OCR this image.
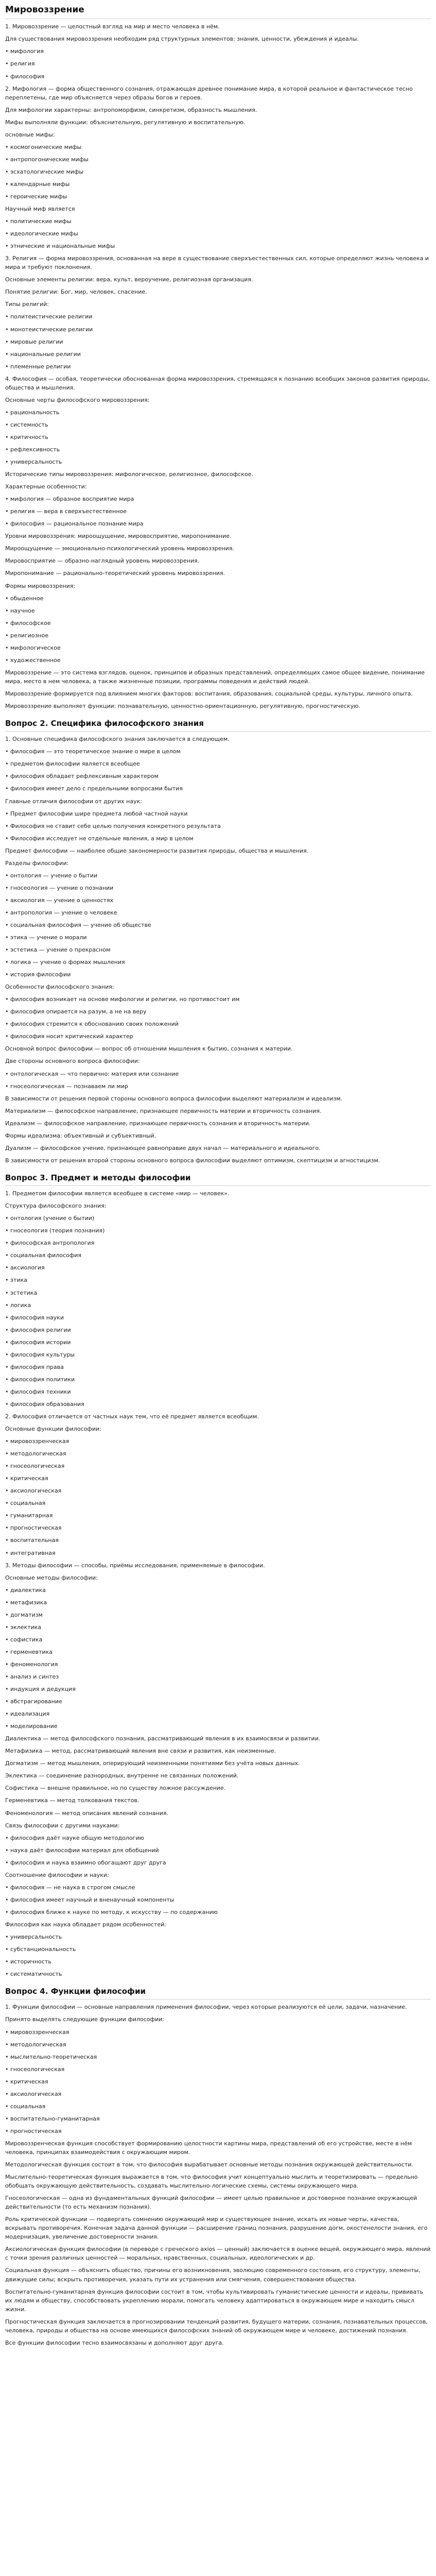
Мировоззрение
1. Мировоззрение — целостный взгляд на мир и место человека в нём.
Для существования мировоззрения необходим ряд структурных элементов: знания, ценности, убеждения и идеалы.
• мифология
• религия
• философия
2. Мифология — форма общественного сознания, отражающая древнее понимание мира, в которой реальное и фантастическое тесно переплетены, где мир объясняется через образы богов и героев.
Для мифологии характерны: антропоморфизм, синкретизм, образность мышления.
Мифы выполняли функции: объяснительную, регулятивную и воспитательную.
основные мифы:
• космогонические мифы
• антропогонические мифы
• эсхатологические мифы
• календарные мифы
• героические мифы
Научный миф является
• политические мифы
• идеологические мифы
• этнические и национальные мифы
3. Религия — форма мировоззрения, основанная на вере в существование сверхъестественных сил, которые определяют жизнь человека и мира и требуют поклонения.
Основные элементы религии: вера, культ, вероучение, религиозная организация.
Понятие религии: Бог, мир, человек, спасение.
Типы религий:
• политеистические религии
• монотеистические религии
• мировые религии
• национальные религии
• племенные религии
4. Философия — особая, теоретически обоснованная форма мировоззрения, стремящаяся к познанию всеобщих законов развития природы, общества и мышления.
Основные черты философского мировоззрения:
• рациональность
• системность
• критичность
• рефлексивность
• универсальность
Исторические типы мировоззрения: мифологическое, религиозное, философское.
Характерные особенности:
• мифология — образное восприятие мира
• религия — вера в сверхъестественное
• философия — рациональное познание мира
Уровни мировоззрения: мироощущение, мировосприятие, миропонимание.
Мироощущение — эмоционально-психологический уровень мировоззрения.
Мировосприятие — образно-наглядный уровень мировоззрения.
Миропонимание — рационально-теоретический уровень мировоззрения.
Формы мировоззрения:
• обыденное
• научное
• философское
• религиозное
• мифологическое
• художественное
Мировоззрение — это система взглядов, оценок, принципов и образных представлений, определяющих самое общее видение, понимание мира, место в нем человека, а также жизненные позиции, программы поведения и действий людей.
Мировоззрение формируется под влиянием многих факторов: воспитания, образования, социальной среды, культуры, личного опыта.
Мировоззрение выполняет функции: познавательную, ценностно-ориентационную, регулятивную, прогностическую.
Вопрос 2. Специфика философского знания
1. Основные специфика философского знания заключается в следующем.
• философия — это теоретическое знание о мире в целом
• предметом философии является всеобщее
• философия обладает рефлексивным характером
• философия имеет дело с предельными вопросами бытия
Главные отличия философии от других наук:
• Предмет философии шире предмета любой частной науки
• Философия не ставит себе целью получения конкретного результата
• Философия исследует не отдельные явления, а мир в целом
Предмет философии — наиболее общие закономерности развития природы, общества и мышления.
Разделы философии:
• онтология — учение о бытии
• гносеология — учение о познании
• аксиология — учение о ценностях
• антропология — учение о человеке
• социальная философия — учение об обществе
• этика — учение о морали
• эстетика — учение о прекрасном
• логика — учение о формах мышления
• история философии
Особенности философского знания:
• философия возникает на основе мифологии и религии, но противостоит им
• философия опирается на разум, а не на веру
• философия стремится к обоснованию своих положений
• философия носит критический характер
Основной вопрос философии — вопрос об отношении мышления к бытию, сознания к материи.
Две стороны основного вопроса философии:
• онтологическая — что первично: материя или сознание
• гносеологическая — познаваем ли мир
В зависимости от решения первой стороны основного вопроса философии выделяют материализм и идеализм.
Материализм — философское направление, признающее первичность материи и вторичность сознания.
Идеализм — философское направление, признающее первичность сознания и вторичность материи.
Формы идеализма: объективный и субъективный.
Дуализм — философское учение, признающее равноправие двух начал — материального и идеального.
В зависимости от решения второй стороны основного вопроса философии выделяют оптимизм, скептицизм и агностицизм.
Вопрос 3. Предмет и методы философии
1. Предметом философии является всеобщее в системе «мир — человек».
Структура философского знания:
• онтология (учение о бытии)
• гносеология (теория познания)
• философская антропология
• социальная философия
• аксиология
• этика
• эстетика
• логика
• философия науки
• философия религии
• философия истории
• философия культуры
• философия права
• философия политики
• философия техники
• философия образования
2. Философия отличается от частных наук тем, что её предмет является всеобщим.
Основные функции философии:
• мировоззренческая
• методологическая
• гносеологическая
• критическая
• аксиологическая
• социальная
• гуманитарная
• прогностическая
• воспитательная
• интегративная
3. Методы философии — способы, приёмы исследования, применяемые в философии.
Основные методы философии:
• диалектика
• метафизика
• догматизм
• эклектика
• софистика
• герменевтика
• феноменология
• анализ и синтез
• индукция и дедукция
• абстрагирование
• идеализация
• моделирование
Диалектика — метод философского познания, рассматривающий явления в их взаимосвязи и развитии.
Метафизика — метод, рассматривающий явления вне связи и развития, как неизменные.
Догматизм — метод мышления, оперирующий неизменными понятиями без учёта новых данных.
Эклектика — соединение разнородных, внутренне не связанных положений.
Софистика — внешне правильное, но по существу ложное рассуждение.
Герменевтика — метод толкования текстов.
Феноменология — метод описания явлений сознания.
Связь философии с другими науками:
• философия даёт науке общую методологию
• наука даёт философии материал для обобщений
• философия и наука взаимно обогащают друг друга
Соотношение философии и науки:
• философия — не наука в строгом смысле
• философия имеет научный и вненаучный компоненты
• философия ближе к науке по методу, к искусству — по содержанию
Философия как наука обладает рядом особенностей:
• универсальность
• субстанциональность
• историчность
• систематичность
Вопрос 4. Функции философии
1. Функции философии — основные направления применения философии, через которые реализуются её цели, задачи, назначение.
Принято выделять следующие функции философии:
• мировоззренческая
• методологическая
• мыслительно-теоретическая
• гносеологическая
• критическая
• аксиологическая
• социальная
• воспитательно-гуманитарная
• прогностическая
Мировоззренческая функция способствует формированию целостности картины мира, представлений об его устройстве, месте в нём человека, принципах взаимодействия с окружающим миром.
Методологическая функция состоит в том, что философия вырабатывает основные методы познания окружающей действительности.
Мыслительно-теоретическая функция выражается в том, что философия учит концептуально мыслить и теоретизировать — предельно обобщать окружающую действительность, создавать мыслительно-логические схемы, системы окружающего мира.
Гносеологическая — одна из фундаментальных функций философии — имеет целью правильное и достоверное познание окружающей действительности (то есть механизм познания).
Роль критической функции — подвергать сомнению окружающий мир и существующее знание, искать их новые черты, качества, вскрывать противоречия. Конечная задача данной функции — расширение границ познания, разрушение догм, окостенелости знания, его модернизация, увеличение достоверности знания.
Аксиологическая функция философии (в переводе с греческого axios — ценный) заключается в оценке вещей, окружающего мира, явлений с точки зрения различных ценностей — моральных, нравственных, социальных, идеологических и др.
Социальная функция — объяснить общество, причины его возникновения, эволюцию современного состояния, его структуру, элементы, движущие силы; вскрыть противоречия, указать пути их устранения или смягчения, совершенствования общества.
Воспитательно-гуманитарная функция философии состоит в том, чтобы культивировать гуманистические ценности и идеалы, прививать их людям и обществу, способствовать укреплению морали, помогать человеку адаптироваться в окружающем мире и находить смысл жизни.
Прогностическая функция заключается в прогнозировании тенденций развития, будущего материи, сознания, познавательных процессов, человека, природы и общества на основе имеющихся философских знаний об окружающем мире и человеке, достижений познания.
Все функции философии тесно взаимосвязаны и дополняют друг друга.
